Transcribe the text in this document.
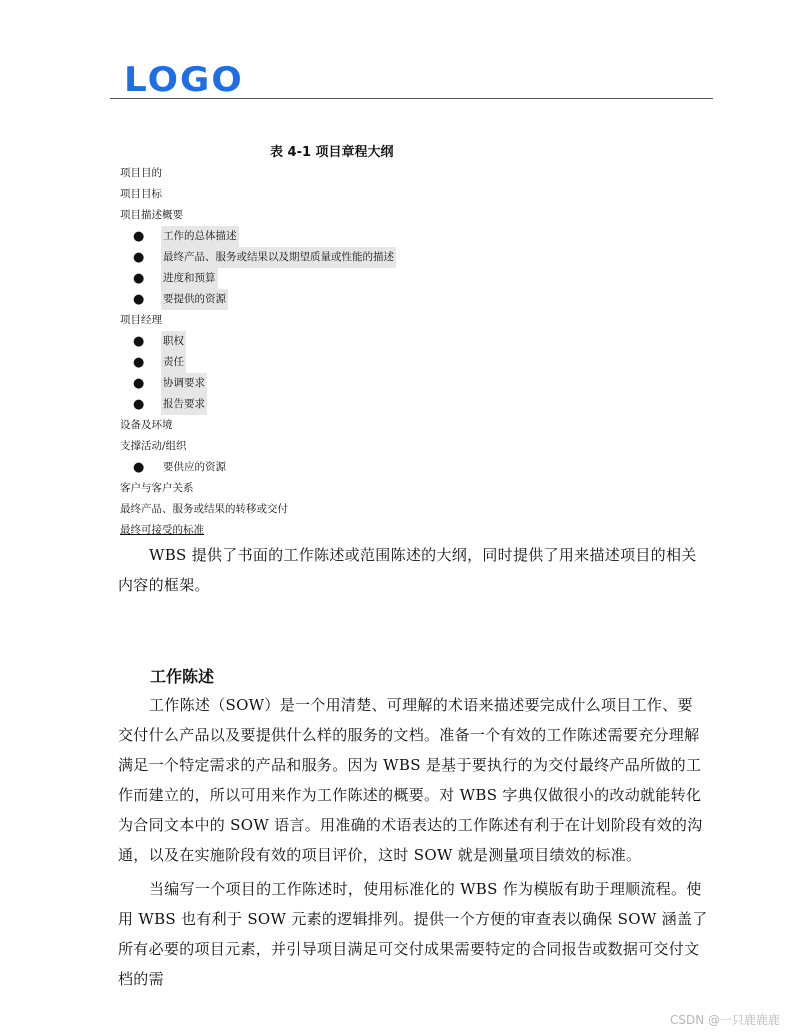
LOGO
表 4-1 项目章程大纲
项目目的
项目目标
项目描述概要
● 工作的总体描述
● 最终产品、服务或结果以及期望质量或性能的描述
● 进度和预算
● 要提供的资源
项目经理
● 职权
● 责任
● 协调要求
● 报告要求
设备及环境
支撑活动/组织
● 要供应的资源
客户与客户关系
最终产品、服务或结果的转移或交付
最终可接受的标准

WBS 提供了书面的工作陈述或范围陈述的大纲，同时提供了用来描述项目的相关内容的框架。

工作陈述

工作陈述（SOW）是一个用清楚、可理解的术语来描述要完成什么项目工作、要交付什么产品以及要提供什么样的服务的文档。准备一个有效的工作陈述需要充分理解满足一个特定需求的产品和服务。因为 WBS 是基于要执行的为交付最终产品所做的工作而建立的，所以可用来作为工作陈述的概要。对 WBS 字典仅做很小的改动就能转化为合同文本中的 SOW 语言。用准确的术语表达的工作陈述有利于在计划阶段有效的沟通，以及在实施阶段有效的项目评价，这时 SOW 就是测量项目绩效的标准。

当编写一个项目的工作陈述时，使用标准化的 WBS 作为模版有助于理顺流程。使用 WBS 也有利于 SOW 元素的逻辑排列。提供一个方便的审查表以确保 SOW 涵盖了所有必要的项目元素，并引导项目满足可交付成果需要特定的合同报告或数据可交付文档的需

CSDN @一只鹿鹿鹿
